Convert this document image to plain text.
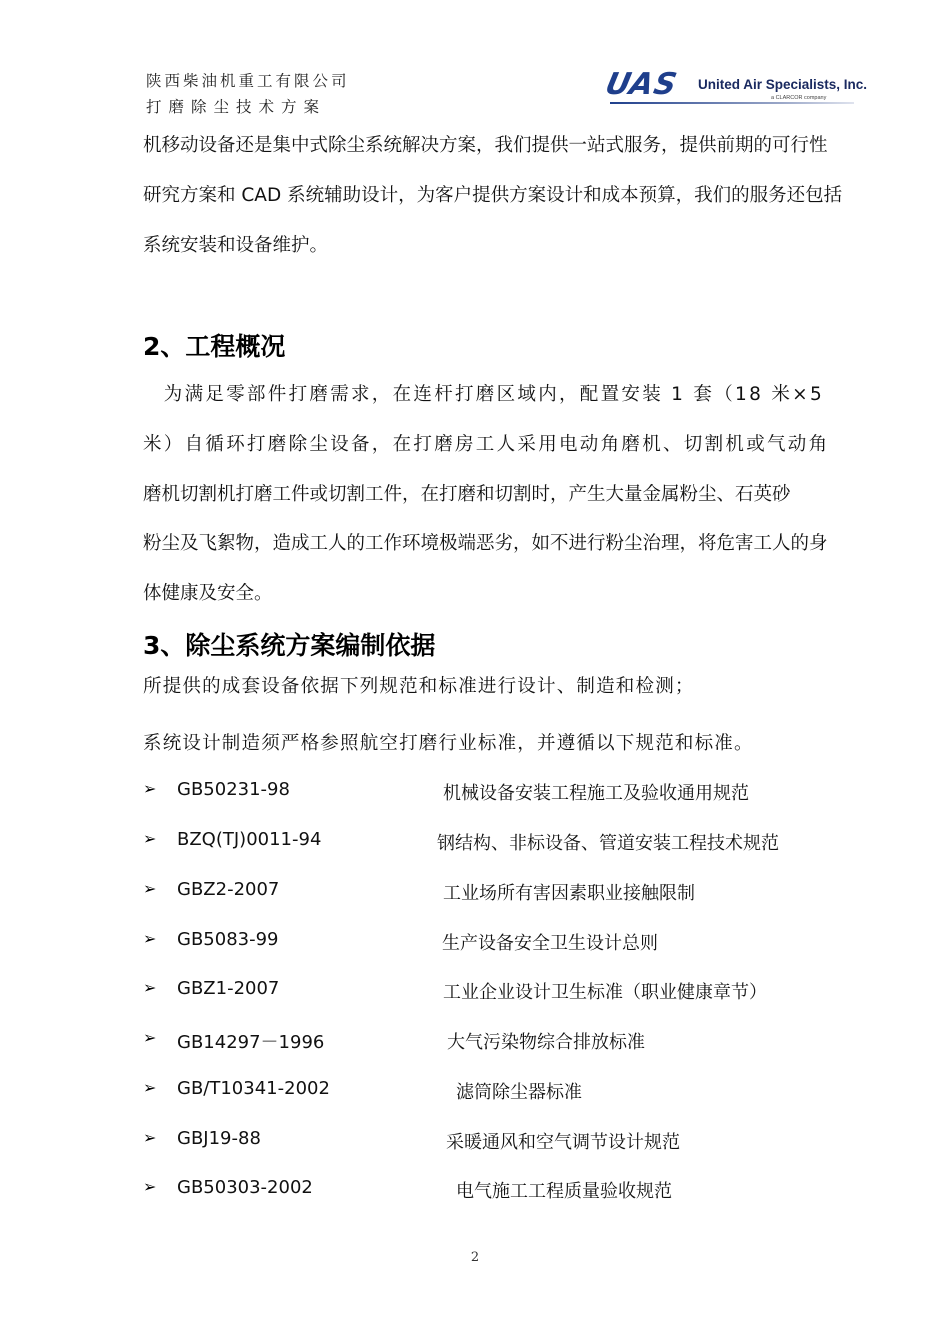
陕西柴油机重工有限公司
打磨除尘技术方案
UAS United Air Specialists, Inc.
a CLARCOR company
机移动设备还是集中式除尘系统解决方案，我们提供一站式服务，提供前期的可行性
研究方案和 CAD 系统辅助设计，为客户提供方案设计和成本预算，我们的服务还包括
系统安装和设备维护。
2、工程概况
　为满足零部件打磨需求，在连杆打磨区域内，配置安装 1 套（18 米×5
米）自循环打磨除尘设备，在打磨房工人采用电动角磨机、切割机或气动角
磨机切割机打磨工件或切割工件，在打磨和切割时，产生大量金属粉尘、石英砂
粉尘及飞絮物，造成工人的工作环境极端恶劣，如不进行粉尘治理，将危害工人的身
体健康及安全。
3、除尘系统方案编制依据
所提供的成套设备依据下列规范和标准进行设计、制造和检测；
系统设计制造须严格参照航空打磨行业标准，并遵循以下规范和标准。
➢ GB50231-98	机械设备安装工程施工及验收通用规范
➢ BZQ(TJ)0011-94	钢结构、非标设备、管道安装工程技术规范
➢ GBZ2-2007	工业场所有害因素职业接触限制
➢ GB5083-99	生产设备安全卫生设计总则
➢ GBZ1-2007	工业企业设计卫生标准（职业健康章节）
➢ GB14297－1996	大气污染物综合排放标准
➢ GB/T10341-2002	滤筒除尘器标准
➢ GBJ19-88	采暖通风和空气调节设计规范
➢ GB50303-2002	电气施工工程质量验收规范
2
